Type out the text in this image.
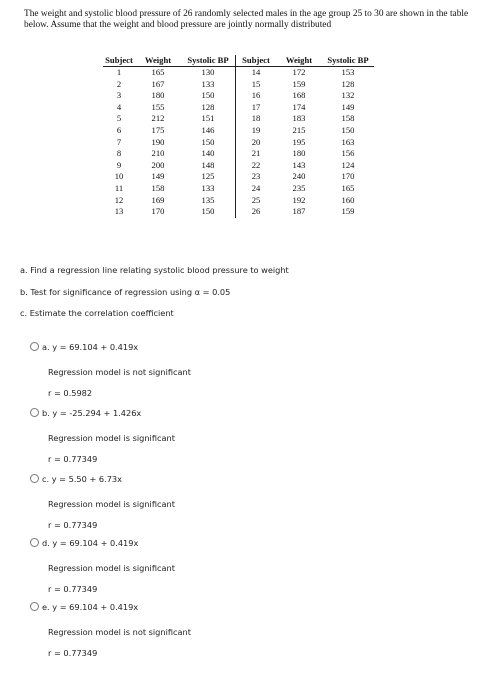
The weight and systolic blood pressure of 26 randomly selected males in the age group 25 to 30 are shown in the table below. Assume that the weight and blood pressure are jointly normally distributed
Subject	Weight	Systolic BP	Subject	Weight	Systolic BP
1	165	130	14	172	153
2	167	133	15	159	128
3	180	150	16	168	132
4	155	128	17	174	149
5	212	151	18	183	158
6	175	146	19	215	150
7	190	150	20	195	163
8	210	140	21	180	156
9	200	148	22	143	124
10	149	125	23	240	170
11	158	133	24	235	165
12	169	135	25	192	160
13	170	150	26	187	159
a. Find a regression line relating systolic blood pressure to weight
b. Test for significance of regression using α = 0.05
c. Estimate the correlation coefficient
a. y = 69.104 + 0.419x
Regression model is not significant
r = 0.5982
b. y = -25.294 + 1.426x
Regression model is significant
r = 0.77349
c. y = 5.50 + 6.73x
Regression model is significant
r = 0.77349
d. y = 69.104 + 0.419x
Regression model is significant
r = 0.77349
e. y = 69.104 + 0.419x
Regression model is not significant
r = 0.77349
